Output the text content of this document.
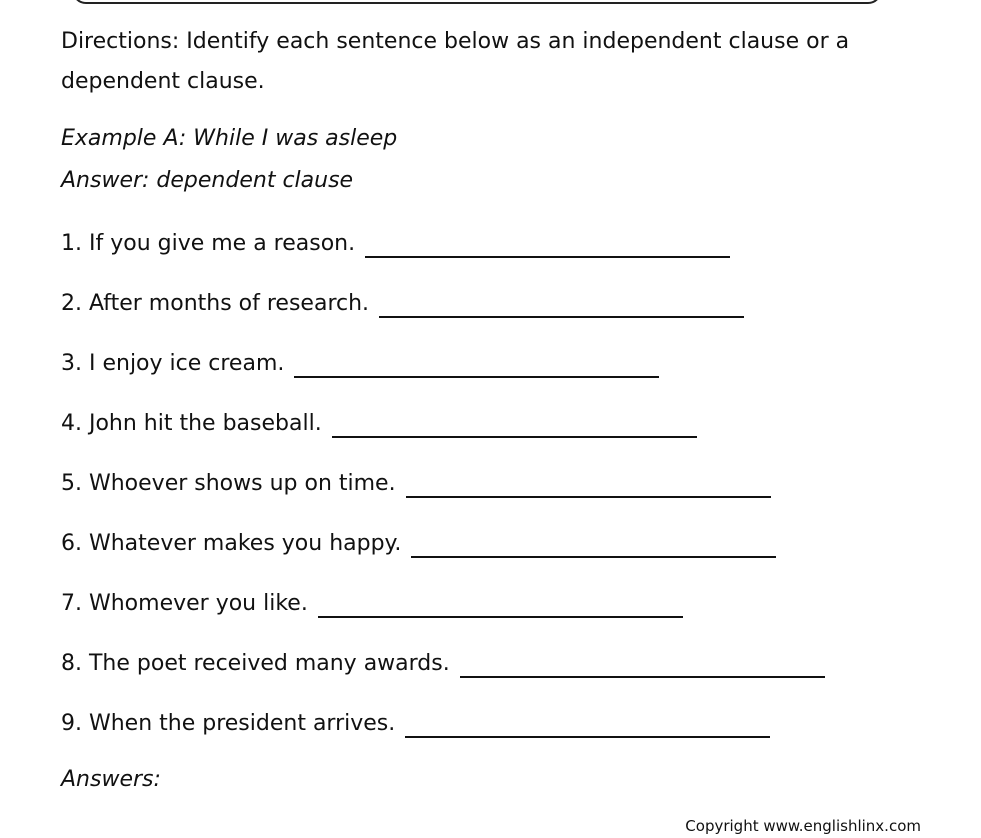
Directions: Identify each sentence below as an independent clause or a dependent clause.

Example A: While I was asleep
Answer: dependent clause
1. If you give me a reason.
2. After months of research.
3. I enjoy ice cream.
4. John hit the baseball.
5. Whoever shows up on time.
6. Whatever makes you happy.
7. Whomever you like.
8. The poet received many awards.
9. When the president arrives.
Answers:
Copyright www.englishlinx.com
